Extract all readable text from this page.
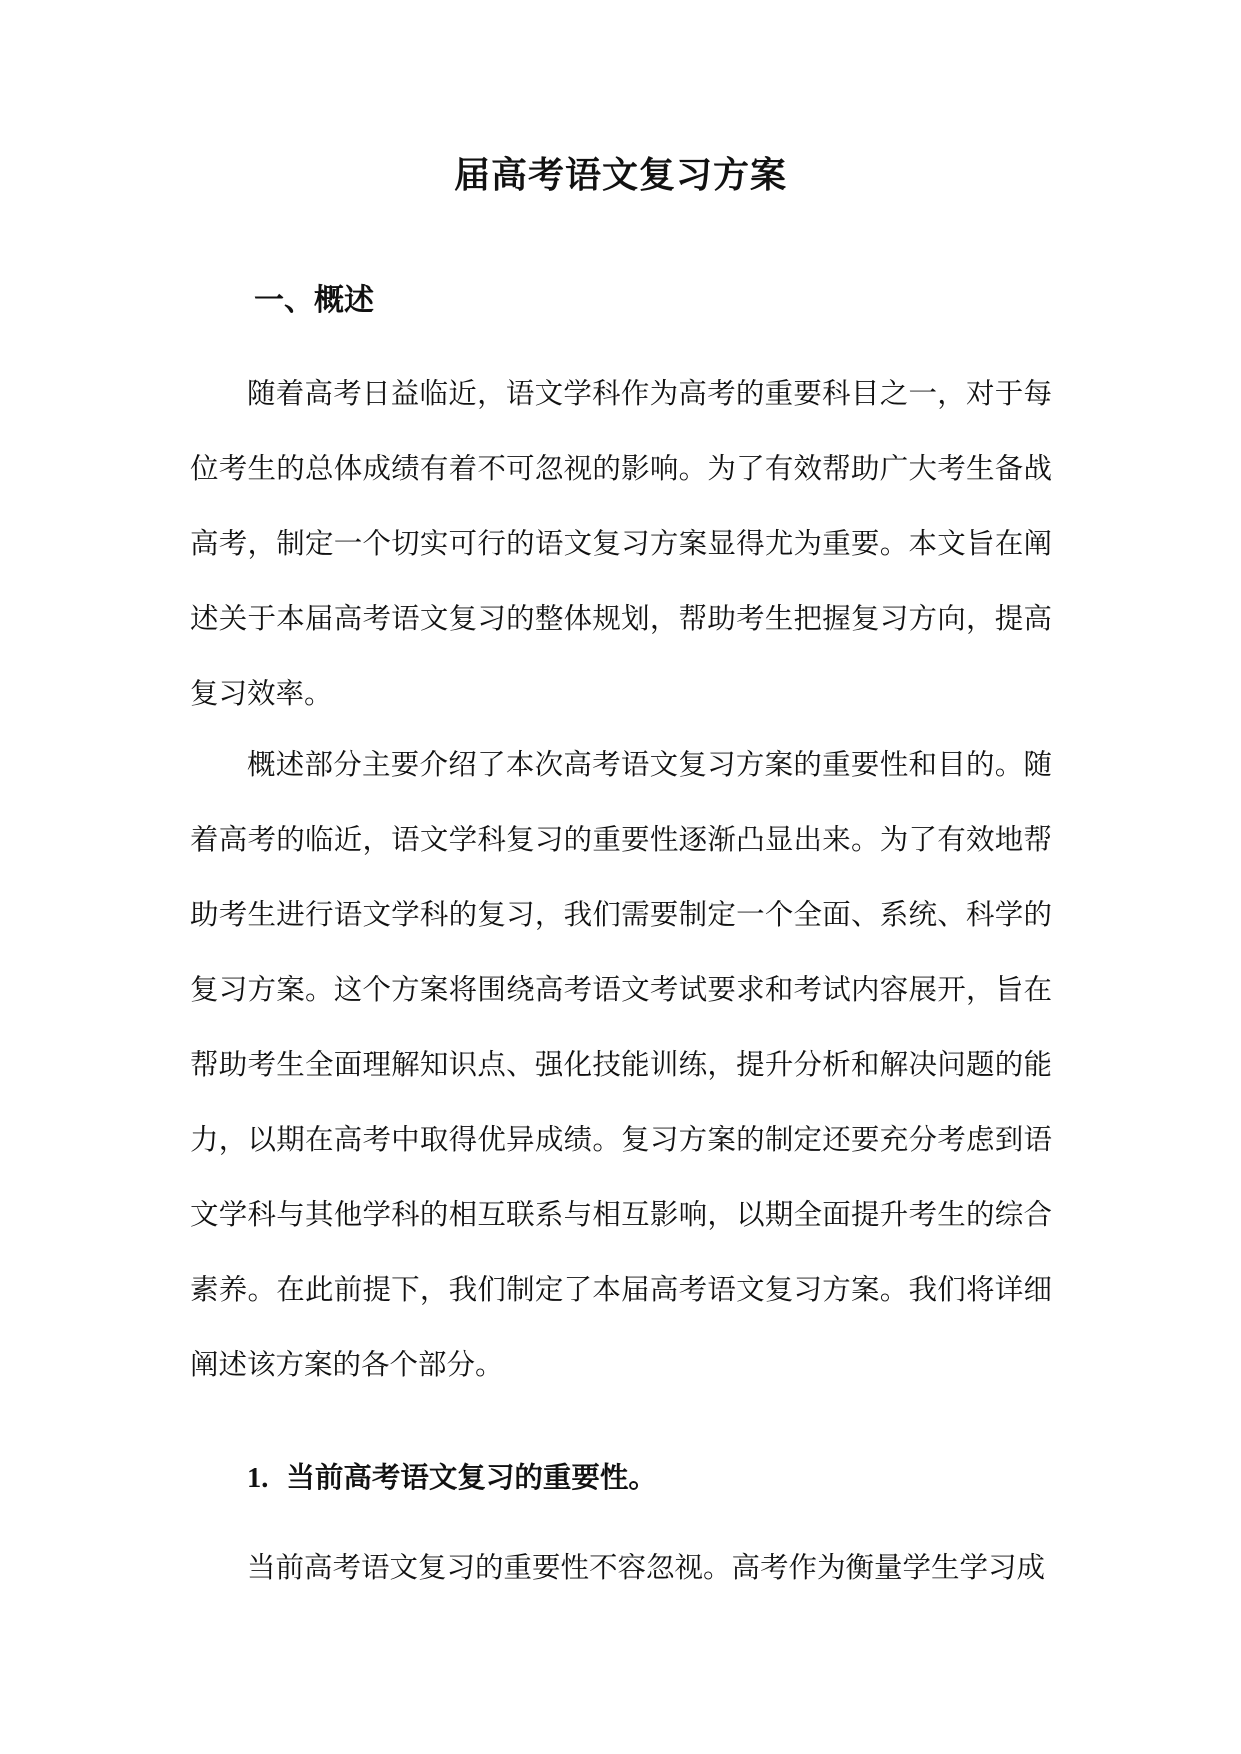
届高考语文复习方案
一、概述

随着高考日益临近，语文学科作为高考的重要科目之一，对于每位考生的总体成绩有着不可忽视的影响。为了有效帮助广大考生备战高考，制定一个切实可行的语文复习方案显得尤为重要。本文旨在阐述关于本届高考语文复习的整体规划，帮助考生把握复习方向，提高复习效率。

概述部分主要介绍了本次高考语文复习方案的重要性和目的。随着高考的临近，语文学科复习的重要性逐渐凸显出来。为了有效地帮助考生进行语文学科的复习，我们需要制定一个全面、系统、科学的复习方案。这个方案将围绕高考语文考试要求和考试内容展开，旨在帮助考生全面理解知识点、强化技能训练，提升分析和解决问题的能力，以期在高考中取得优异成绩。复习方案的制定还要充分考虑到语文学科与其他学科的相互联系与相互影响，以期全面提升考生的综合素养。在此前提下，我们制定了本届高考语文复习方案。我们将详细阐述该方案的各个部分。

1. 当前高考语文复习的重要性。

当前高考语文复习的重要性不容忽视。高考作为衡量学生学习成
